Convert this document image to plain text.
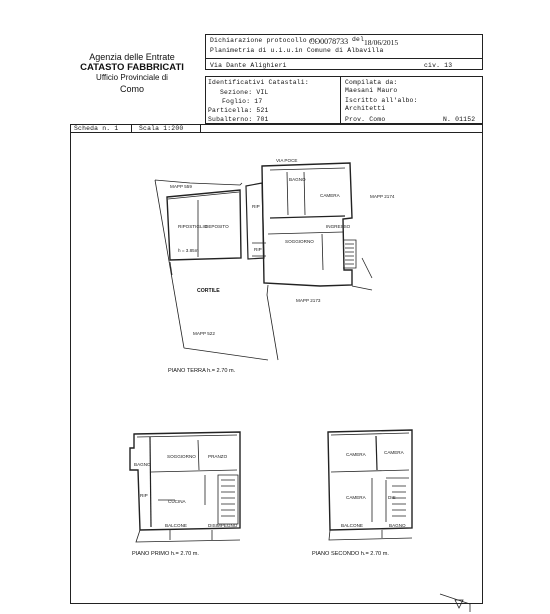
Agenzia delle Entrate
CATASTO FABBRICATI
Ufficio Provinciale di
Como
Dichiarazione protocollo n.
CO0078733 del 18/06/2015
Planimetria di u.i.u.in Comune di Albavilla
Via Dante Alighieri	civ. 13
Identificativi Catastali:
Sezione: VIL
Foglio: 17
Particella: 521
Subalterno: 701
Compilata da:
Maesani Mauro
Iscritto all'albo:
Architetti
Prov. Como	N. 01152
Scheda n. 1	Scala 1:200
VIA POCE
MAPP 559
MAPP 2174
MAPP 2173
MAPP 522
CORTILE
RIPOSTIGLIO
DEPOSITO
h = 3.85m
RIP
RIP
BAGNO
CAMERA
SOGGIORNO
INGRESSO
PIANO TERRA h.= 2.70 m.
SOGGIORNO	PRANZO
BAGNO
RIP
CUCINA
BALCONE	DISIMPEGNO
PIANO PRIMO h.= 2.70 m.
CAMERA	CAMERA
CAMERA	DIS
BALCONE	BAGNO
PIANO SECONDO h.= 2.70 m.
